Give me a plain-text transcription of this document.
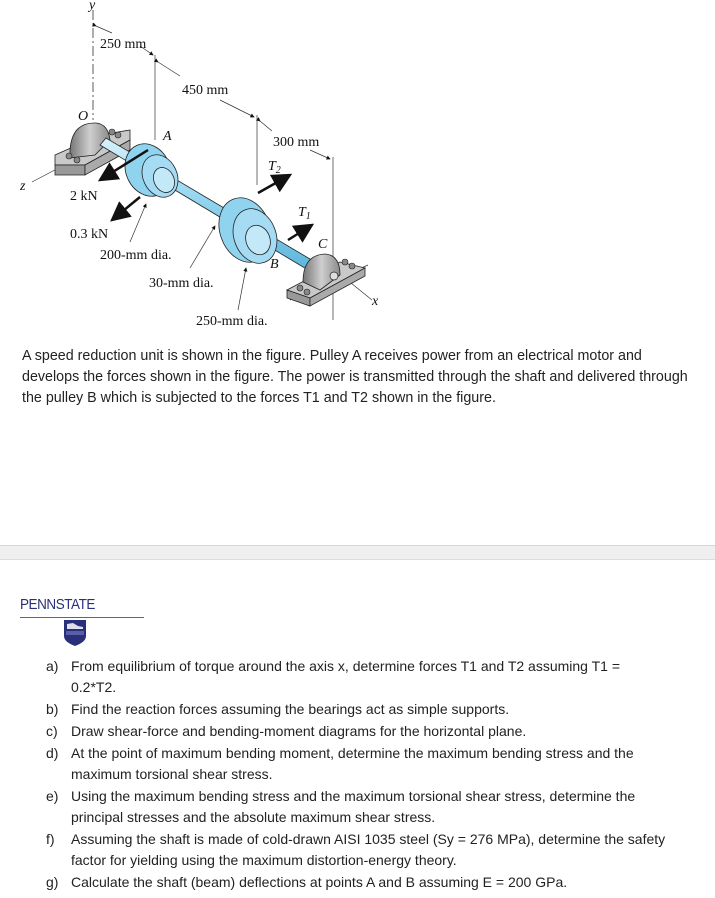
y
O
250 mm
450 mm
300 mm
z
x
A
B
C
2 kN
0.3 kN
$T_2$
$T_1$
200-mm dia.
30-mm dia.
250-mm dia.

A speed reduction unit is shown in the figure. Pulley A receives power from an electrical motor and develops the forces shown in the figure. The power is transmitted through the shaft and delivered through the pulley B which is subjected to the forces T1 and T2 shown in the figure.

PENNSTATE
a) From equilibrium of torque around the axis x, determine forces T1 and T2 assuming T1 = 0.2*T2.
b) Find the reaction forces assuming the bearings act as simple supports.
c) Draw shear-force and bending-moment diagrams for the horizontal plane.
d) At the point of maximum bending moment, determine the maximum bending stress and the maximum torsional shear stress.
e) Using the maximum bending stress and the maximum torsional shear stress, determine the principal stresses and the absolute maximum shear stress.
f) Assuming the shaft is made of cold-drawn AISI 1035 steel (Sy = 276 MPa), determine the safety factor for yielding using the maximum distortion-energy theory.
g) Calculate the shaft (beam) deflections at points A and B assuming E = 200 GPa.
